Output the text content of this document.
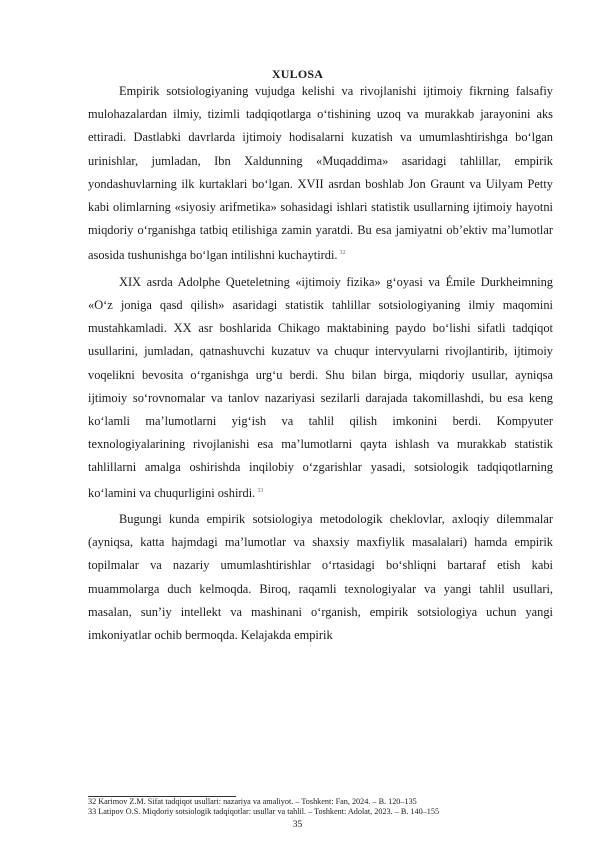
XULOSA

Empirik sotsiologiyaning vujudga kelishi va rivojlanishi ijtimoiy fikrning falsafiy mulohazalardan ilmiy, tizimli tadqiqotlarga oʻtishining uzoq va murakkab jarayonini aks ettiradi. Dastlabki davrlarda ijtimoiy hodisalarni kuzatish va umumlashtirishga boʻlgan urinishlar, jumladan, Ibn Xaldunning «Muqaddima» asaridagi tahlillar, empirik yondashuvlarning ilk kurtaklari boʻlgan. XVII asrdan boshlab Jon Graunt va Uilyam Petty kabi olimlarning «siyosiy arifmetika» sohasidagi ishlari statistik usullarning ijtimoiy hayotni miqdoriy oʻrganishga tatbiq etilishiga zamin yaratdi. Bu esa jamiyatni obʼektiv maʼlumotlar asosida tushunishga boʻlgan intilishni kuchaytirdi. $^{32}$

XIX asrda Adolphe Queteletning «ijtimoiy fizika» gʻoyasi va Émile Durkheimning «Oʻz joniga qasd qilish» asaridagi statistik tahlillar sotsiologiyaning ilmiy maqomini mustahkamladi. XX asr boshlarida Chikago maktabining paydo boʻlishi sifatli tadqiqot usullarini, jumladan, qatnashuvchi kuzatuv va chuqur intervyularni rivojlantirib, ijtimoiy voqelikni bevosita oʻrganishga urgʻu berdi. Shu bilan birga, miqdoriy usullar, ayniqsa ijtimoiy soʻrovnomalar va tanlov nazariyasi sezilarli darajada takomillashdi, bu esa keng koʻlamli maʼlumotlarni yigʻish va tahlil qilish imkonini berdi. Kompyuter texnologiyalarining rivojlanishi esa maʼlumotlarni qayta ishlash va murakkab statistik tahlillarni amalga oshirishda inqilobiy oʻzgarishlar yasadi, sotsiologik tadqiqotlarning koʻlamini va chuqurligini oshirdi. $^{33}$

Bugungi kunda empirik sotsiologiya metodologik cheklovlar, axloqiy dilemmalar (ayniqsa, katta hajmdagi maʼlumotlar va shaxsiy maxfiylik masalalari) hamda empirik topilmalar va nazariy umumlashtirishlar oʻrtasidagi boʻshliqni bartaraf etish kabi muammolarga duch kelmoqda. Biroq, raqamli texnologiyalar va yangi tahlil usullari, masalan, sunʼiy intellekt va mashinani oʻrganish, empirik sotsiologiya uchun yangi imkoniyatlar ochib bermoqda. Kelajakda empirik

32 Karimov Z.M. Sifat tadqiqot usullari: nazariya va amaliyot. – Toshkent: Fan, 2024. – B. 120–135
33 Latipov O.S. Miqdoriy sotsiologik tadqiqotlar: usullar va tahlil. – Toshkent: Adolat, 2023. – B. 140–155
35
